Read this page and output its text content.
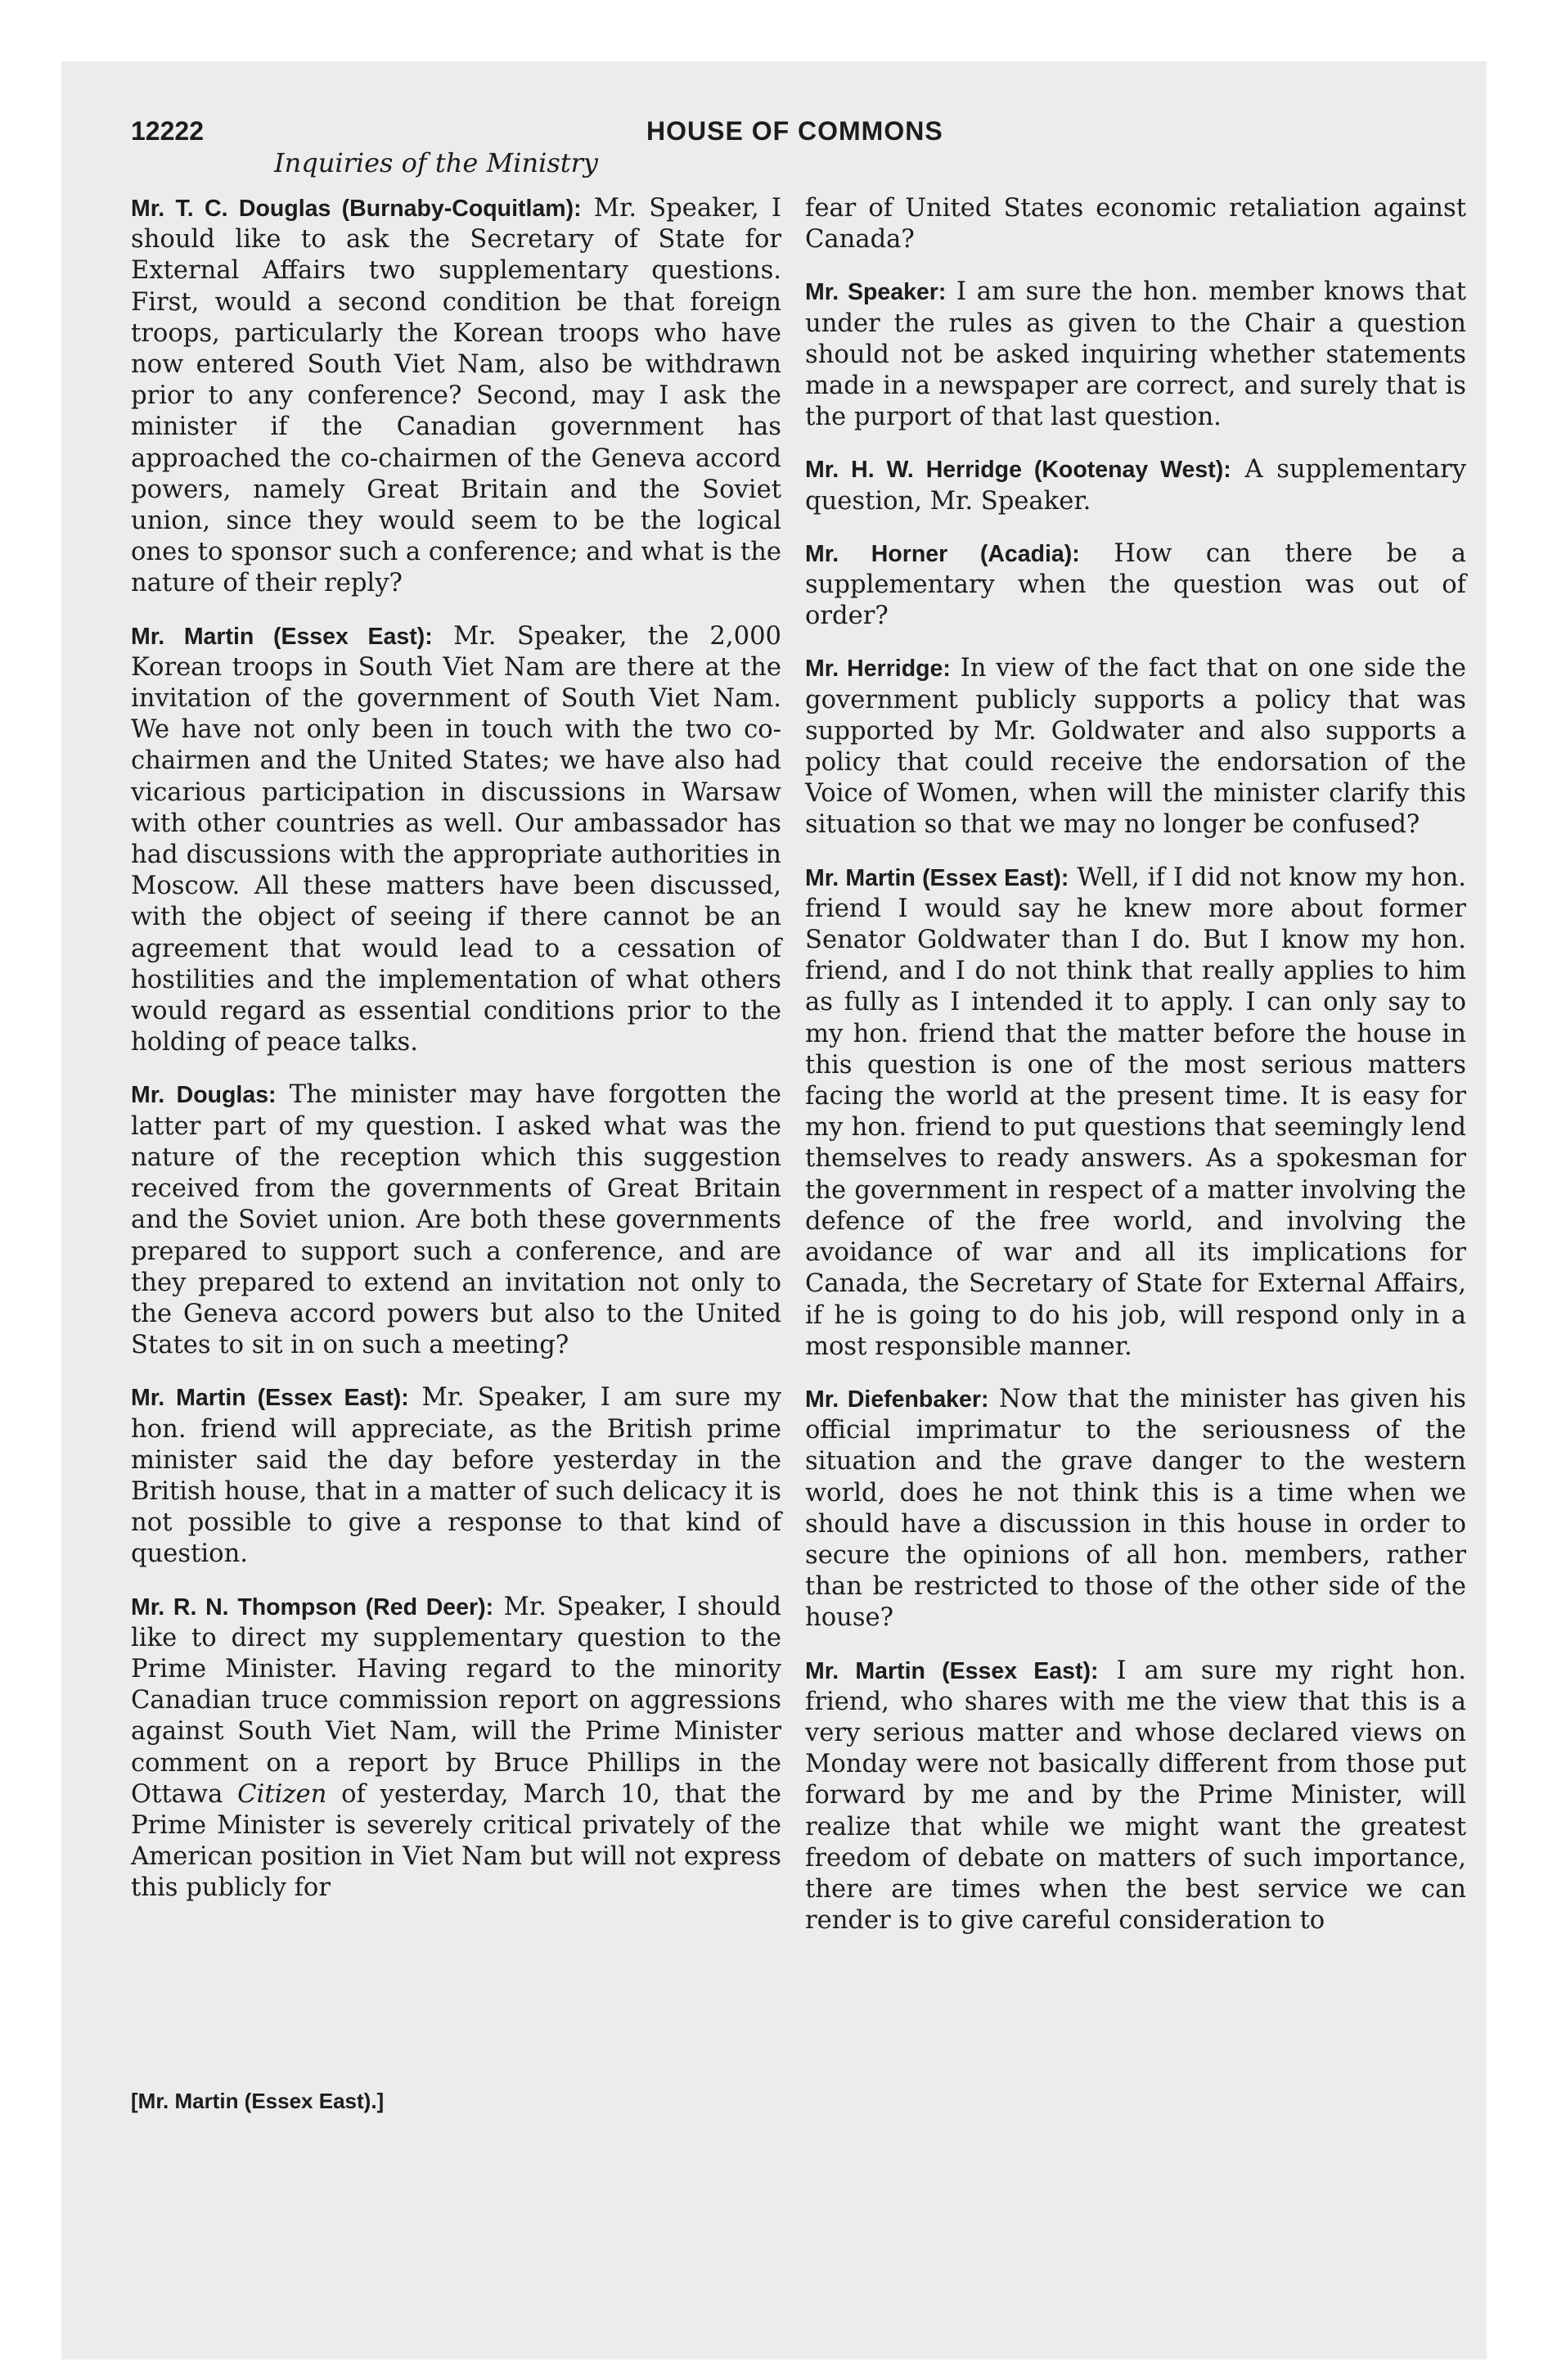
12222	HOUSE OF COMMONS
Inquiries of the Ministry

Mr. T. C. Douglas (Burnaby-Coquitlam): Mr. Speaker, I should like to ask the Secretary of State for External Affairs two supplementary questions. First, would a second condition be that foreign troops, particularly the Korean troops who have now entered South Viet Nam, also be withdrawn prior to any conference? Second, may I ask the minister if the Canadian government has approached the co-chairmen of the Geneva accord powers, namely Great Britain and the Soviet union, since they would seem to be the logical ones to sponsor such a conference; and what is the nature of their reply?

Mr. Martin (Essex East): Mr. Speaker, the 2,000 Korean troops in South Viet Nam are there at the invitation of the government of South Viet Nam. We have not only been in touch with the two co-chairmen and the United States; we have also had vicarious participation in discussions in Warsaw with other countries as well. Our ambassador has had discussions with the appropriate authorities in Moscow. All these matters have been discussed, with the object of seeing if there cannot be an agreement that would lead to a cessation of hostilities and the implementation of what others would regard as essential conditions prior to the holding of peace talks.

Mr. Douglas: The minister may have forgotten the latter part of my question. I asked what was the nature of the reception which this suggestion received from the governments of Great Britain and the Soviet union. Are both these governments prepared to support such a conference, and are they prepared to extend an invitation not only to the Geneva accord powers but also to the United States to sit in on such a meeting?

Mr. Martin (Essex East): Mr. Speaker, I am sure my hon. friend will appreciate, as the British prime minister said the day before yesterday in the British house, that in a matter of such delicacy it is not possible to give a response to that kind of question.

Mr. R. N. Thompson (Red Deer): Mr. Speaker, I should like to direct my supplementary question to the Prime Minister. Having regard to the minority Canadian truce commission report on aggressions against South Viet Nam, will the Prime Minister comment on a report by Bruce Phillips in the Ottawa Citizen of yesterday, March 10, that the Prime Minister is severely critical privately of the American position in Viet Nam but will not express this publicly for

[Mr. Martin (Essex East).]

fear of United States economic retaliation against Canada?

Mr. Speaker: I am sure the hon. member knows that under the rules as given to the Chair a question should not be asked inquiring whether statements made in a newspaper are correct, and surely that is the purport of that last question.

Mr. H. W. Herridge (Kootenay West): A supplementary question, Mr. Speaker.

Mr. Horner (Acadia): How can there be a supplementary when the question was out of order?

Mr. Herridge: In view of the fact that on one side the government publicly supports a policy that was supported by Mr. Goldwater and also supports a policy that could receive the endorsation of the Voice of Women, when will the minister clarify this situation so that we may no longer be confused?

Mr. Martin (Essex East): Well, if I did not know my hon. friend I would say he knew more about former Senator Goldwater than I do. But I know my hon. friend, and I do not think that really applies to him as fully as I intended it to apply. I can only say to my hon. friend that the matter before the house in this question is one of the most serious matters facing the world at the present time. It is easy for my hon. friend to put questions that seemingly lend themselves to ready answers. As a spokesman for the government in respect of a matter involving the defence of the free world, and involving the avoidance of war and all its implications for Canada, the Secretary of State for External Affairs, if he is going to do his job, will respond only in a most responsible manner.

Mr. Diefenbaker: Now that the minister has given his official imprimatur to the seriousness of the situation and the grave danger to the western world, does he not think this is a time when we should have a discussion in this house in order to secure the opinions of all hon. members, rather than be restricted to those of the other side of the house?

Mr. Martin (Essex East): I am sure my right hon. friend, who shares with me the view that this is a very serious matter and whose declared views on Monday were not basically different from those put forward by me and by the Prime Minister, will realize that while we might want the greatest freedom of debate on matters of such importance, there are times when the best service we can render is to give careful consideration to
